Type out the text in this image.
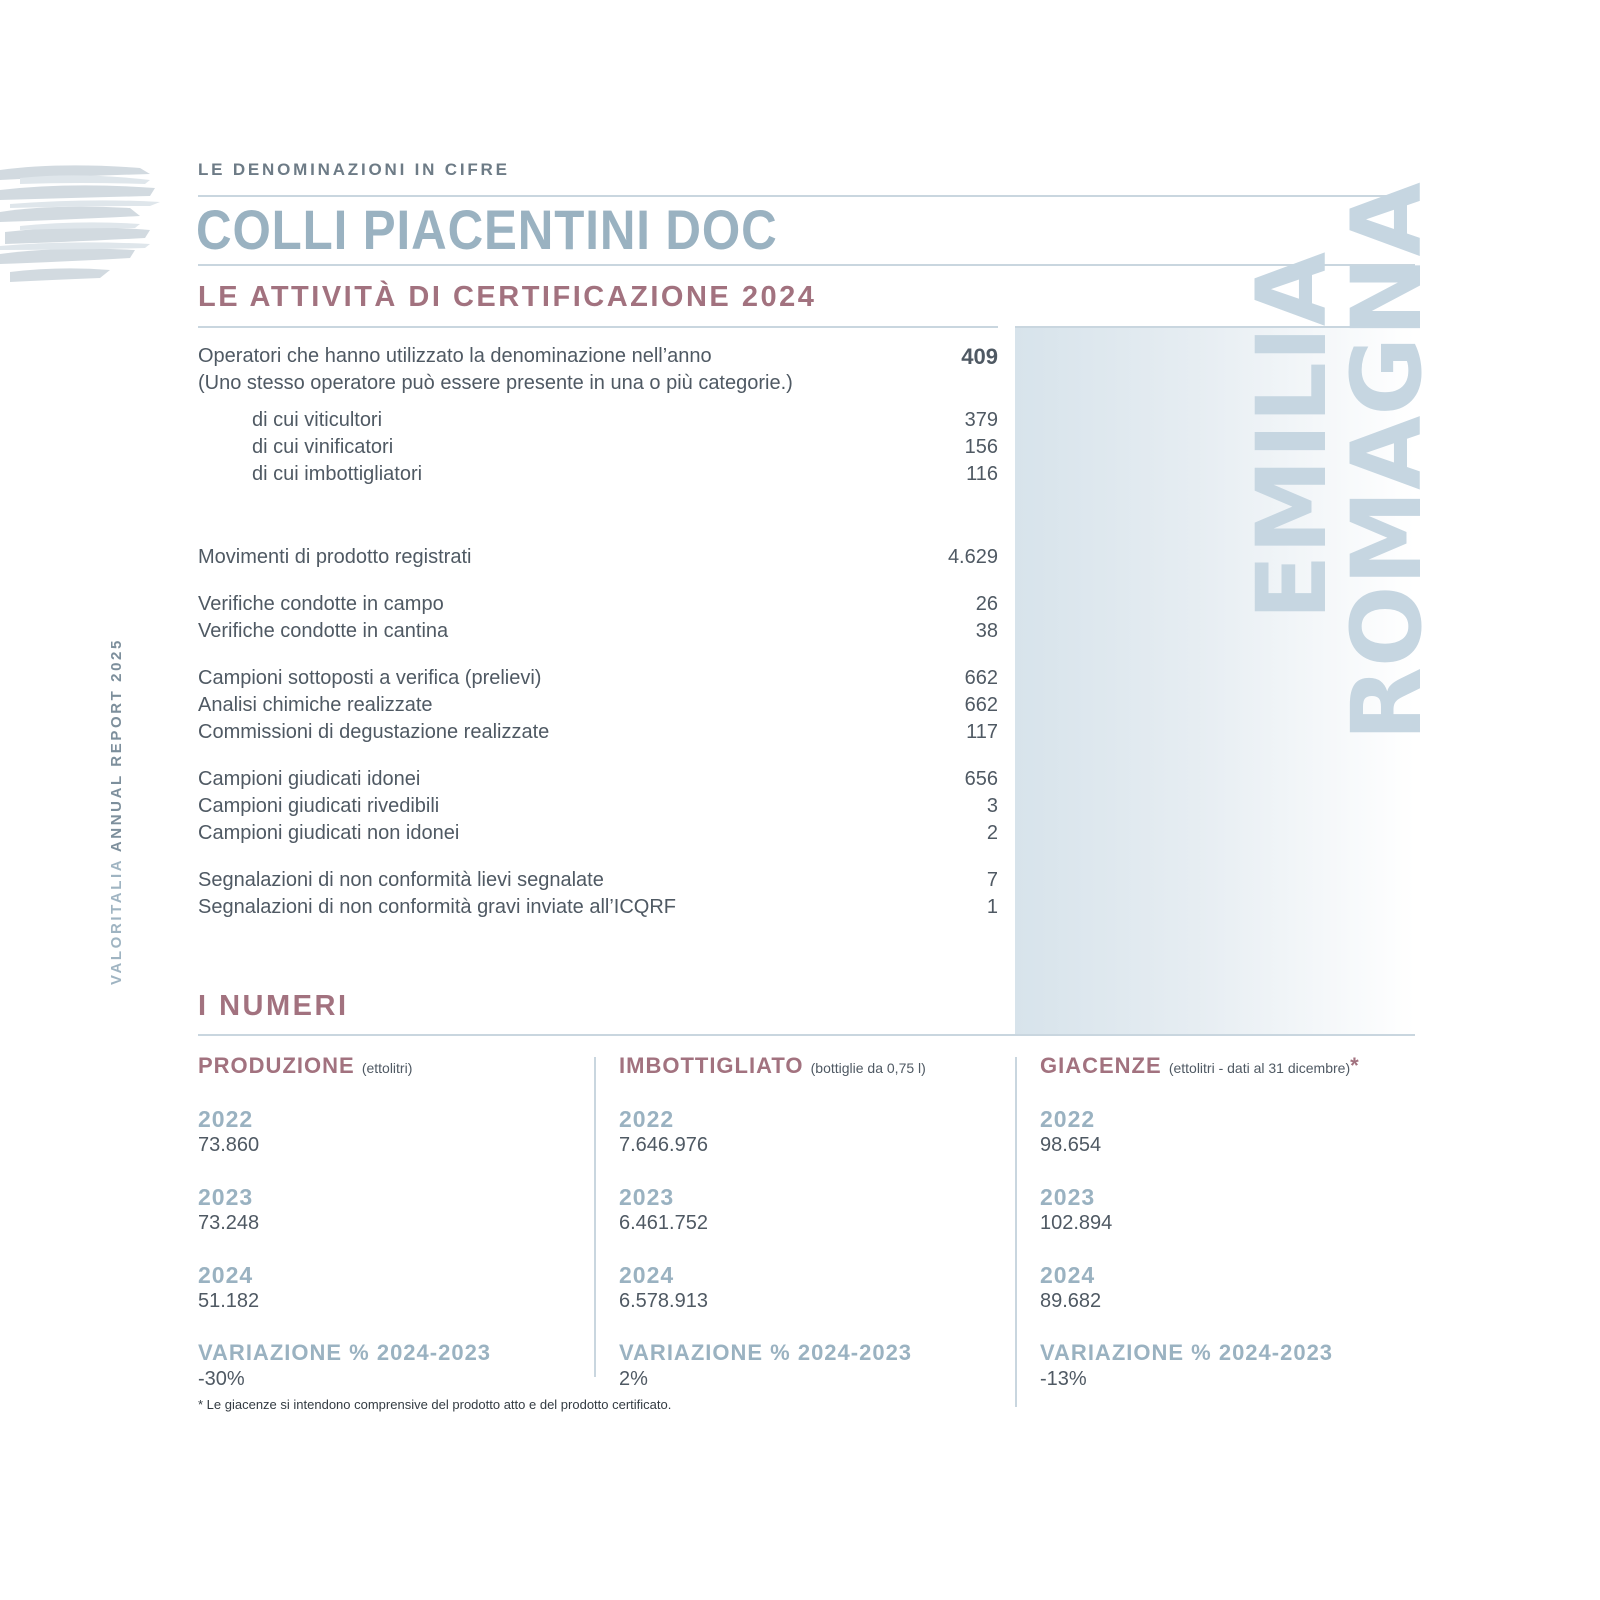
VALORITALIA ANNUAL REPORT 2025
LE DENOMINAZIONI IN CIFRE
COLLI PIACENTINI DOC
LE ATTIVITÀ DI CERTIFICAZIONE 2024	EMILIA
ROMAGNA
Operatori che hanno utilizzato la denominazione nell’anno	409
(Uno stesso operatore può essere presente in una o più categorie.)
di cui viticultori	379
di cui vinificatori	156
di cui imbottigliatori	116
Movimenti di prodotto registrati	4.629
Verifiche condotte in campo	26
Verifiche condotte in cantina	38
Campioni sottoposti a verifica (prelievi)	662
Analisi chimiche realizzate	662
Commissioni di degustazione realizzate	117
Campioni giudicati idonei	656
Campioni giudicati rivedibili	3
Campioni giudicati non idonei	2
Segnalazioni di non conformità lievi segnalate	7
Segnalazioni di non conformità gravi inviate all’ICQRF	1
I NUMERI
PRODUZIONE (ettolitri)
2022
73.860
2023
73.248
2024
51.182
VARIAZIONE % 2024-2023
-30%
IMBOTTIGLIATO (bottiglie da 0,75 l)
2022
7.646.976
2023
6.461.752
2024
6.578.913
VARIAZIONE % 2024-2023
2%
GIACENZE (ettolitri - dati al 31 dicembre)*
2022
98.654
2023
102.894
2024
89.682
VARIAZIONE % 2024-2023
-13%
* Le giacenze si intendono comprensive del prodotto atto e del prodotto certificato.
